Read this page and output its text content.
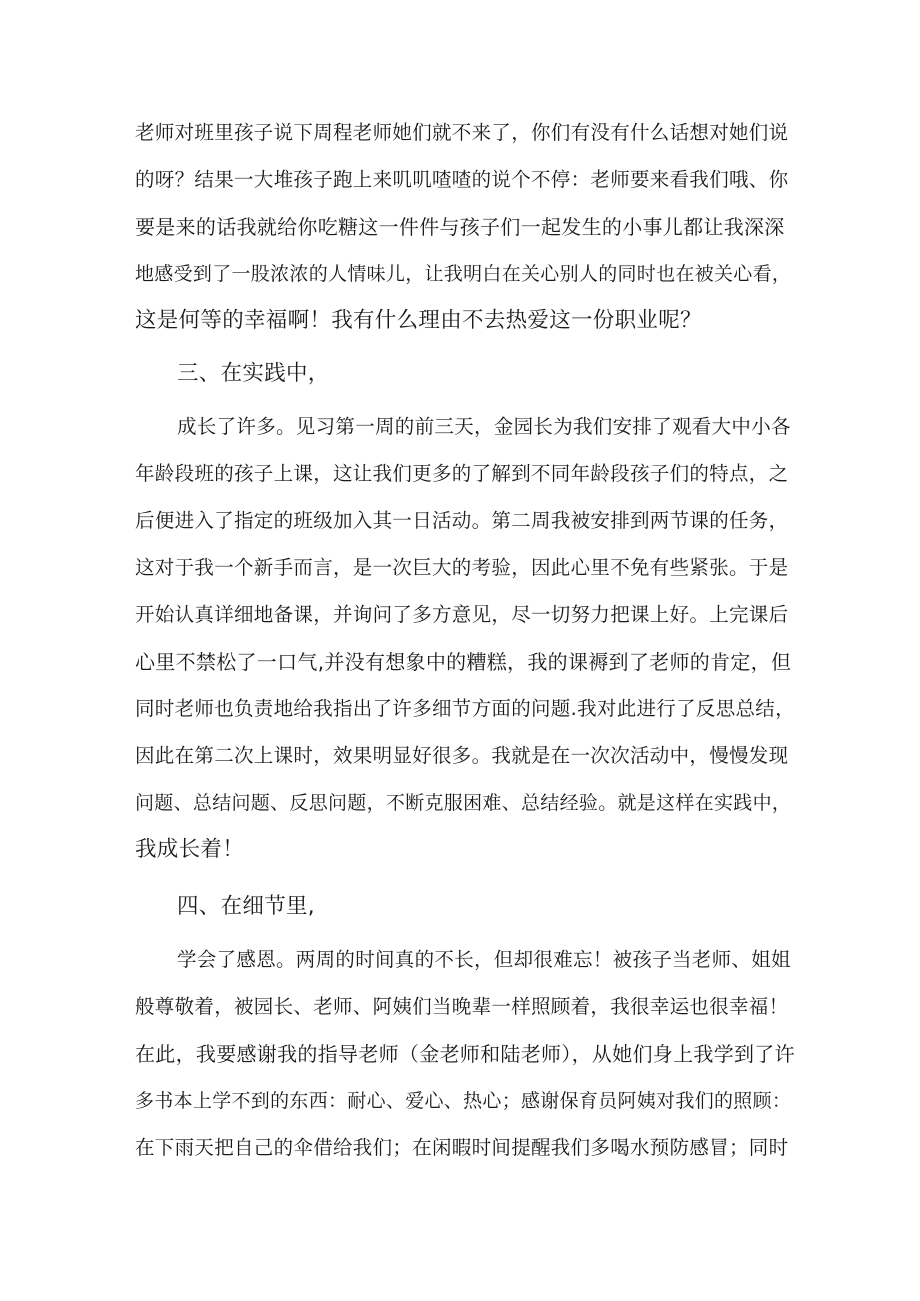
老师对班里孩子说下周程老师她们就不来了，你们有没有什么话想对她们说
的呀？结果一大堆孩子跑上来叽叽喳喳的说个不停：老师要来看我们哦、你
要是来的话我就给你吃糖这一件件与孩子们一起发生的小事儿都让我深深
地感受到了一股浓浓的人情味儿，让我明白在关心别人的同时也在被关心看，
这是何等的幸福啊！我有什么理由不去热爱这一份职业呢？
三、在实践中，
成长了许多。见习第一周的前三天，金园长为我们安排了观看大中小各
年龄段班的孩子上课，这让我们更多的了解到不同年龄段孩子们的特点，之
后便进入了指定的班级加入其一日活动。第二周我被安排到两节课的任务，
这对于我一个新手而言，是一次巨大的考验，因此心里不免有些紧张。于是
开始认真详细地备课，并询问了多方意见，尽一切努力把课上好。上完课后
心里不禁松了一口气,并没有想象中的糟糕，我的课褥到了老师的肯定，但
同时老师也负责地给我指出了许多细节方面的问题.我对此进行了反思总结，
因此在第二次上课时，效果明显好很多。我就是在一次次活动中，慢慢发现
问题、总结问题、反思问题，不断克服困难、总结经验。就是这样在实践中，
我成长着！
四、在细节里,
学会了感恩。两周的时间真的不长，但却很难忘！被孩子当老师、姐姐
般尊敬着，被园长、老师、阿姨们当晚辈一样照顾着，我很幸运也很幸福！
在此，我要感谢我的指导老师（金老师和陆老师），从她们身上我学到了许
多书本上学不到的东西：耐心、爱心、热心；感谢保育员阿姨对我们的照顾：
在下雨天把自己的伞借给我们；在闲暇时间提醒我们多喝水预防感冒；同时
